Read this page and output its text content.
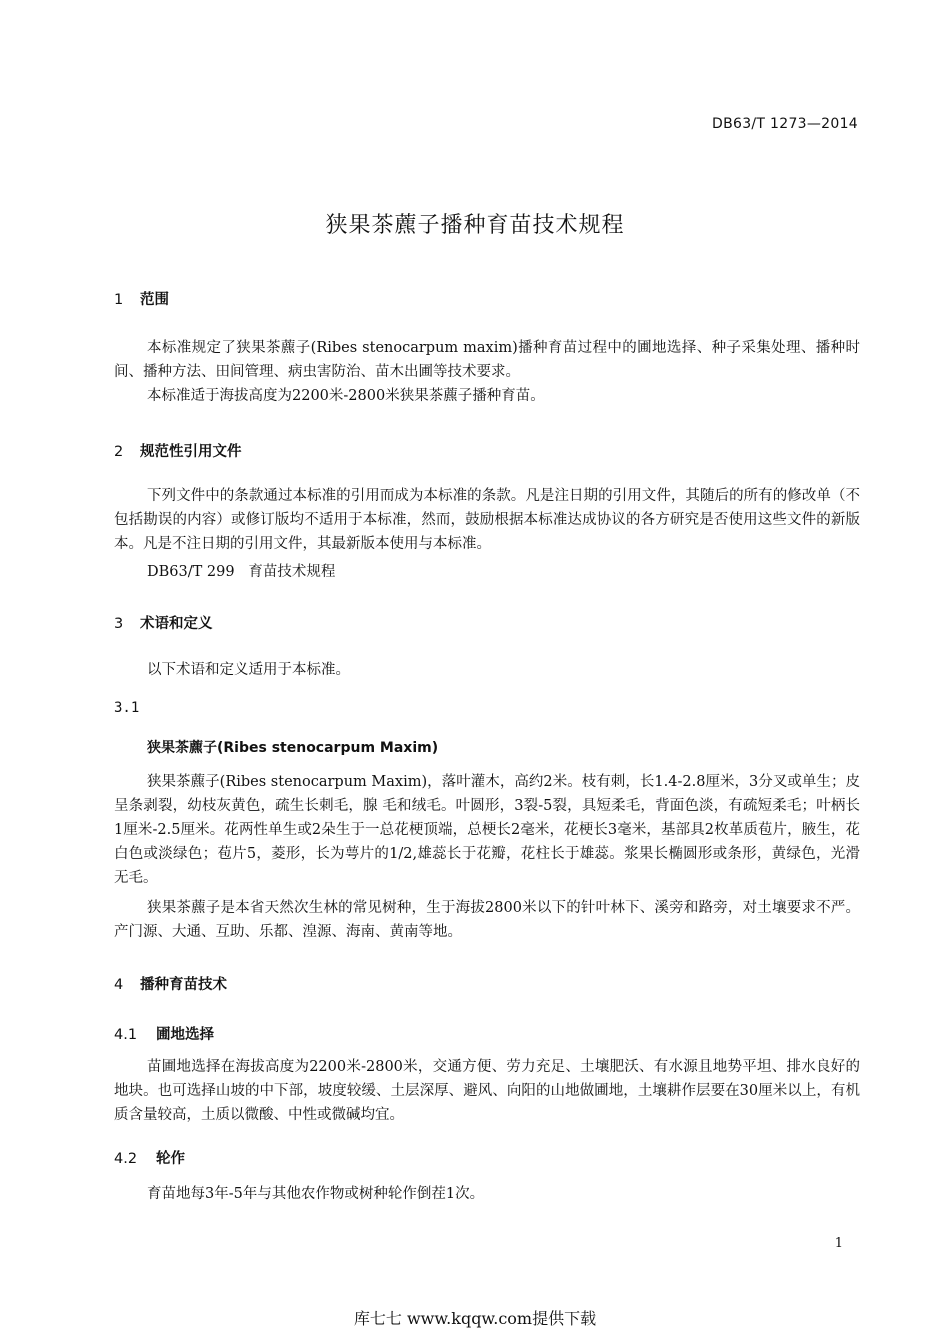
DB63/T 1273—2014
狭果茶藨子播种育苗技术规程
1 范围
本标准规定了狭果茶藨子(Ribes stenocarpum maxim)播种育苗过程中的圃地选择、种子采集处理、播种时间、播种方法、田间管理、病虫害防治、苗木出圃等技术要求。
本标准适于海拔高度为2200米-2800米狭果茶藨子播种育苗。
2 规范性引用文件
下列文件中的条款通过本标准的引用而成为本标准的条款。凡是注日期的引用文件，其随后的所有的修改单（不包括勘误的内容）或修订版均不适用于本标准，然而，鼓励根据本标准达成协议的各方研究是否使用这些文件的新版本。凡是不注日期的引用文件，其最新版本使用与本标准。
DB63/T 299   育苗技术规程
3 术语和定义
以下术语和定义适用于本标准。
3.1
狭果茶藨子(Ribes stenocarpum Maxim)
狭果茶藨子(Ribes stenocarpum Maxim)，落叶灌木，高约2米。枝有刺，长1.4-2.8厘米，3分叉或单生；皮呈条剥裂，幼枝灰黄色，疏生长刺毛，腺 毛和绒毛。叶圆形，3裂-5裂，具短柔毛，背面色淡，有疏短柔毛；叶柄长1厘米-2.5厘米。花两性单生或2朵生于一总花梗顶端，总梗长2毫米，花梗长3毫米，基部具2枚革质苞片，腋生，花白色或淡绿色；苞片5，菱形，长为萼片的1/2,雄蕊长于花瓣，花柱长于雄蕊。浆果长椭圆形或条形，黄绿色，光滑无毛。
狭果茶藨子是本省天然次生林的常见树种，生于海拔2800米以下的针叶林下、溪旁和路旁，对土壤要求不严。产门源、大通、互助、乐都、湟源、海南、黄南等地。
4 播种育苗技术
4.1 圃地选择
苗圃地选择在海拔高度为2200米-2800米，交通方便、劳力充足、土壤肥沃、有水源且地势平坦、排水良好的地块。也可选择山坡的中下部，坡度较缓、土层深厚、避风、向阳的山地做圃地，土壤耕作层要在30厘米以上，有机质含量较高，土质以微酸、中性或微碱均宜。
4.2 轮作
育苗地每3年-5年与其他农作物或树种轮作倒茬1次。
1
库七七 www.kqqw.com提供下载
